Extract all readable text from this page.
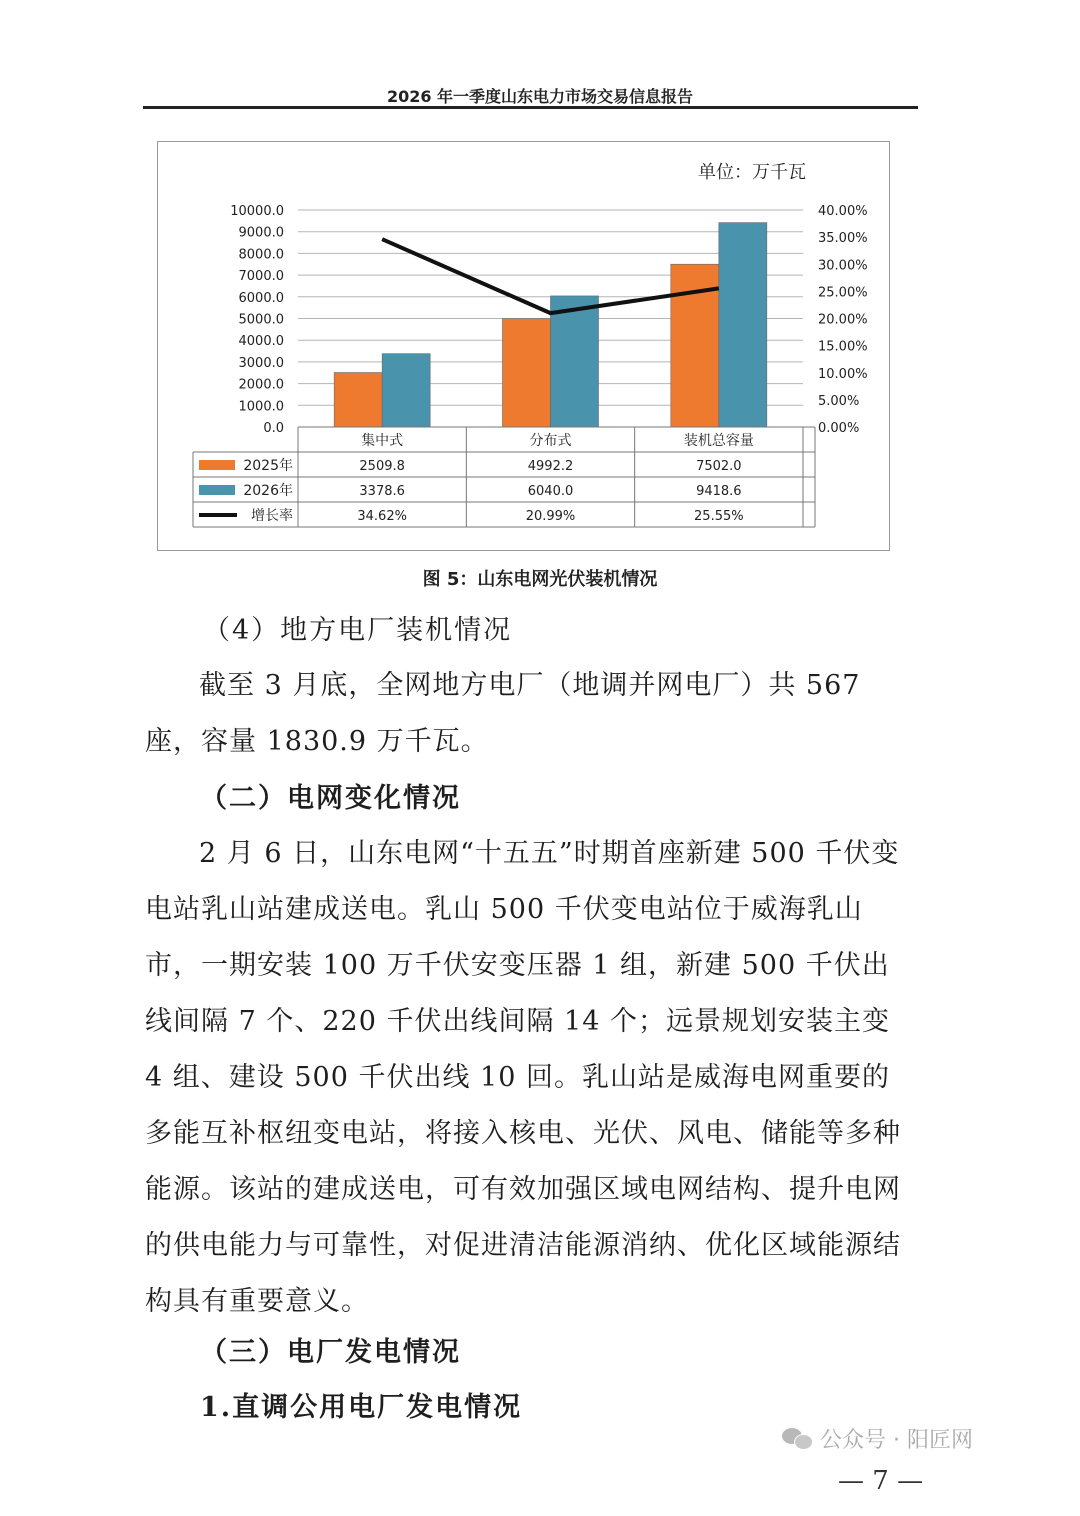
2026 年一季度山东电力市场交易信息报告
单位：万千瓦
0.0
1000.0
2000.0
3000.0
4000.0
5000.0
6000.0
7000.0
8000.0
9000.0
10000.0
0.00%
5.00%
10.00%
15.00%
20.00%
25.00%
30.00%
35.00%
40.00%
集中式	分布式	装机总容量
2025年	2509.8	4992.2	7502.0
2026年	3378.6	6040.0	9418.6
增长率	34.62%	20.99%	25.55%
图 5：山东电网光伏装机情况
（4）地方电厂装机情况
截至 3 月底，全网地方电厂（地调并网电厂）共 567 座，容量 1830.9 万千瓦。
（二）电网变化情况
2 月 6 日，山东电网“十五五”时期首座新建 500 千伏变电站乳山站建成送电。乳山 500 千伏变电站位于威海乳山市，一期安装 100 万千伏安变压器 1 组，新建 500 千伏出线间隔 7 个、220 千伏出线间隔 14 个；远景规划安装主变 4 组、建设 500 千伏出线 10 回。乳山站是威海电网重要的多能互补枢纽变电站，将接入核电、光伏、风电、储能等多种能源。该站的建成送电，可有效加强区域电网结构、提升电网的供电能力与可靠性，对促进清洁能源消纳、优化区域能源结构具有重要意义。
（三）电厂发电情况
1.直调公用电厂发电情况
公众号 · 阳匠网
— 7 —
